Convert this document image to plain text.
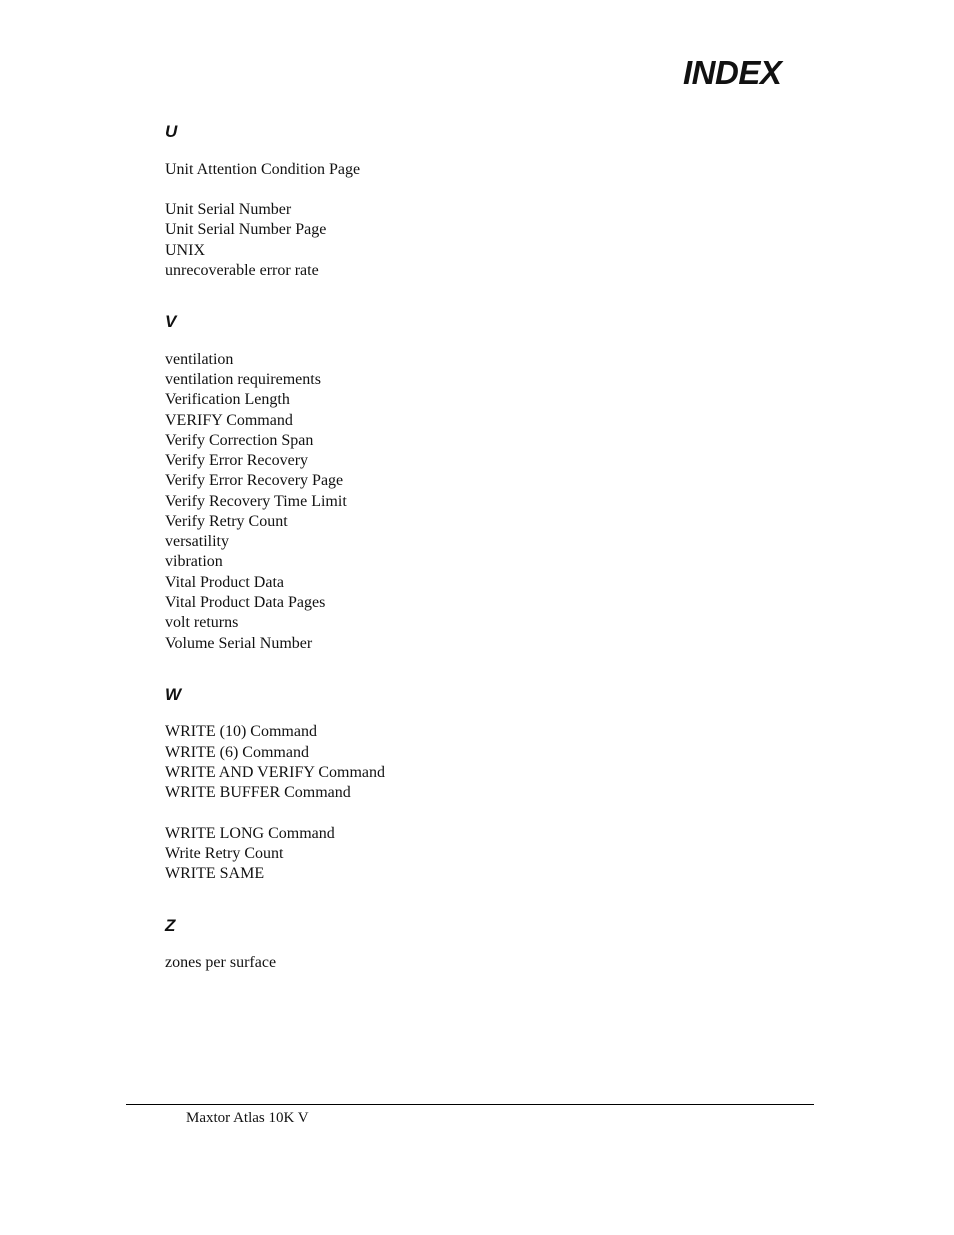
INDEX
U
Unit Attention Condition Page
Unit Serial Number
Unit Serial Number Page
UNIX
unrecoverable error rate
V
ventilation
ventilation requirements
Verification Length
VERIFY Command
Verify Correction Span
Verify Error Recovery
Verify Error Recovery Page
Verify Recovery Time Limit
Verify Retry Count
versatility
vibration
Vital Product Data
Vital Product Data Pages
volt returns
Volume Serial Number
W
WRITE (10) Command
WRITE (6) Command
WRITE AND VERIFY Command
WRITE BUFFER Command
WRITE LONG Command
Write Retry Count
WRITE SAME
Z
zones per surface
Maxtor Atlas 10K V
